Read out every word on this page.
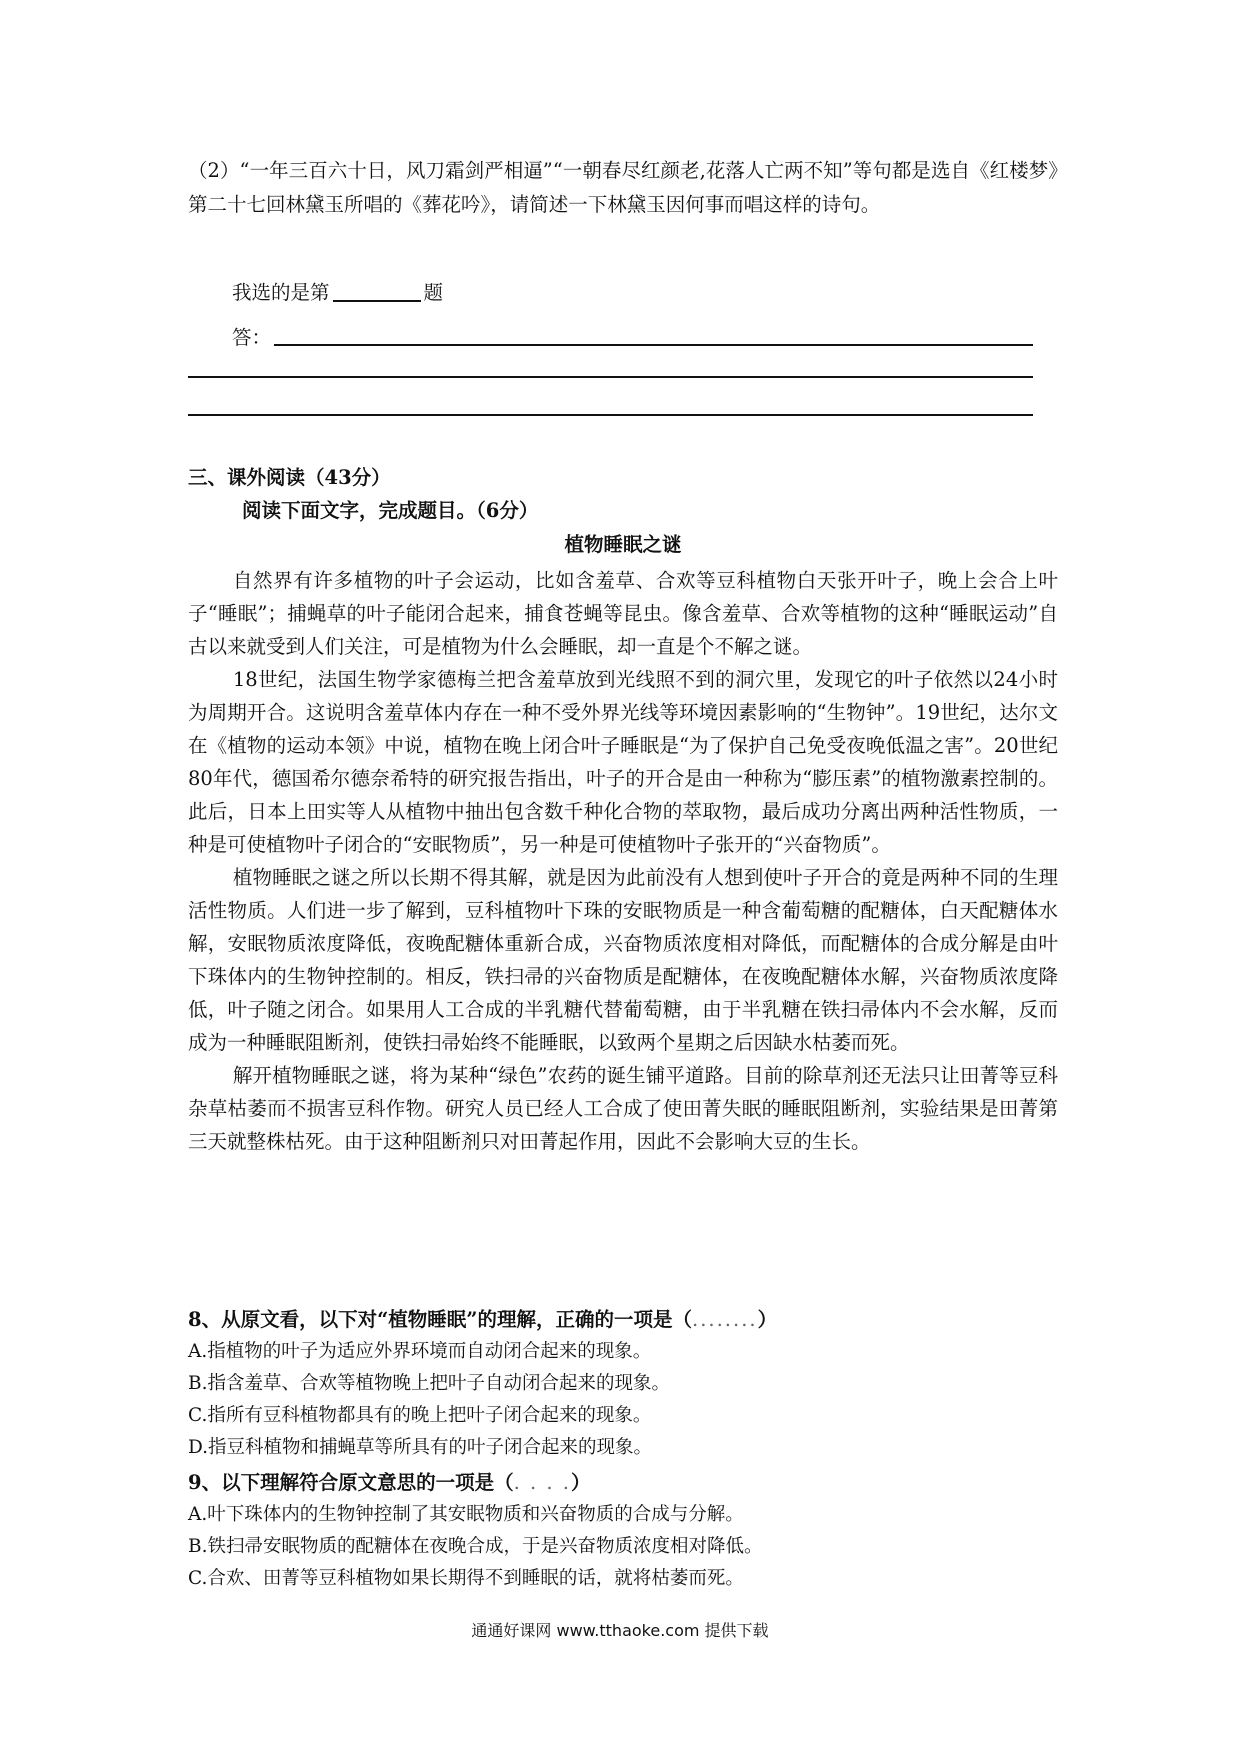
（2）“一年三百六十日，风刀霜剑严相逼”“一朝春尽红颜老,花落人亡两不知”等句都是选自《红楼梦》第二十七回林黛玉所唱的《葬花吟》，请简述一下林黛玉因何事而唱这样的诗句。

我选的是第	题

答：

三、课外阅读（43分）

阅读下面文字，完成题目。（6分）

植物睡眠之谜

自然界有许多植物的叶子会运动，比如含羞草、合欢等豆科植物白天张开叶子，晚上会合上叶子“睡眠”；捕蝇草的叶子能闭合起来，捕食苍蝇等昆虫。像含羞草、合欢等植物的这种“睡眠运动”自古以来就受到人们关注，可是植物为什么会睡眠，却一直是个不解之谜。

18世纪，法国生物学家德梅兰把含羞草放到光线照不到的洞穴里，发现它的叶子依然以24小时为周期开合。这说明含羞草体内存在一种不受外界光线等环境因素影响的“生物钟”。19世纪，达尔文在《植物的运动本领》中说，植物在晚上闭合叶子睡眠是“为了保护自己免受夜晚低温之害”。20世纪80年代，德国希尔德奈希特的研究报告指出，叶子的开合是由一种称为“膨压素”的植物激素控制的。此后，日本上田实等人从植物中抽出包含数千种化合物的萃取物，最后成功分离出两种活性物质，一种是可使植物叶子闭合的“安眠物质”，另一种是可使植物叶子张开的“兴奋物质”。

植物睡眠之谜之所以长期不得其解，就是因为此前没有人想到使叶子开合的竟是两种不同的生理活性物质。人们进一步了解到，豆科植物叶下珠的安眠物质是一种含葡萄糖的配糖体，白天配糖体水解，安眠物质浓度降低，夜晚配糖体重新合成，兴奋物质浓度相对降低，而配糖体的合成分解是由叶下珠体内的生物钟控制的。相反，铁扫帚的兴奋物质是配糖体，在夜晚配糖体水解，兴奋物质浓度降低，叶子随之闭合。如果用人工合成的半乳糖代替葡萄糖，由于半乳糖在铁扫帚体内不会水解，反而成为一种睡眠阻断剂，使铁扫帚始终不能睡眠，以致两个星期之后因缺水枯萎而死。

解开植物睡眠之谜，将为某种“绿色”农药的诞生铺平道路。目前的除草剂还无法只让田菁等豆科杂草枯萎而不损害豆科作物。研究人员已经人工合成了使田菁失眠的睡眠阻断剂，实验结果是田菁第三天就整株枯死。由于这种阻断剂只对田菁起作用，因此不会影响大豆的生长。

8、从原文看，以下对“植物睡眠”的理解，正确的一项是（........）

A.指植物的叶子为适应外界环境而自动闭合起来的现象。

B.指含羞草、合欢等植物晚上把叶子自动闭合起来的现象。

C.指所有豆科植物都具有的晚上把叶子闭合起来的现象。

D.指豆科植物和捕蝇草等所具有的叶子闭合起来的现象。

9、以下理解符合原文意思的一项是（. . . .）

A.叶下珠体内的生物钟控制了其安眠物质和兴奋物质的合成与分解。

B.铁扫帚安眠物质的配糖体在夜晚合成，于是兴奋物质浓度相对降低。

C.合欢、田菁等豆科植物如果长期得不到睡眠的话，就将枯萎而死。

通通好课网 www.tthaoke.com 提供下载
